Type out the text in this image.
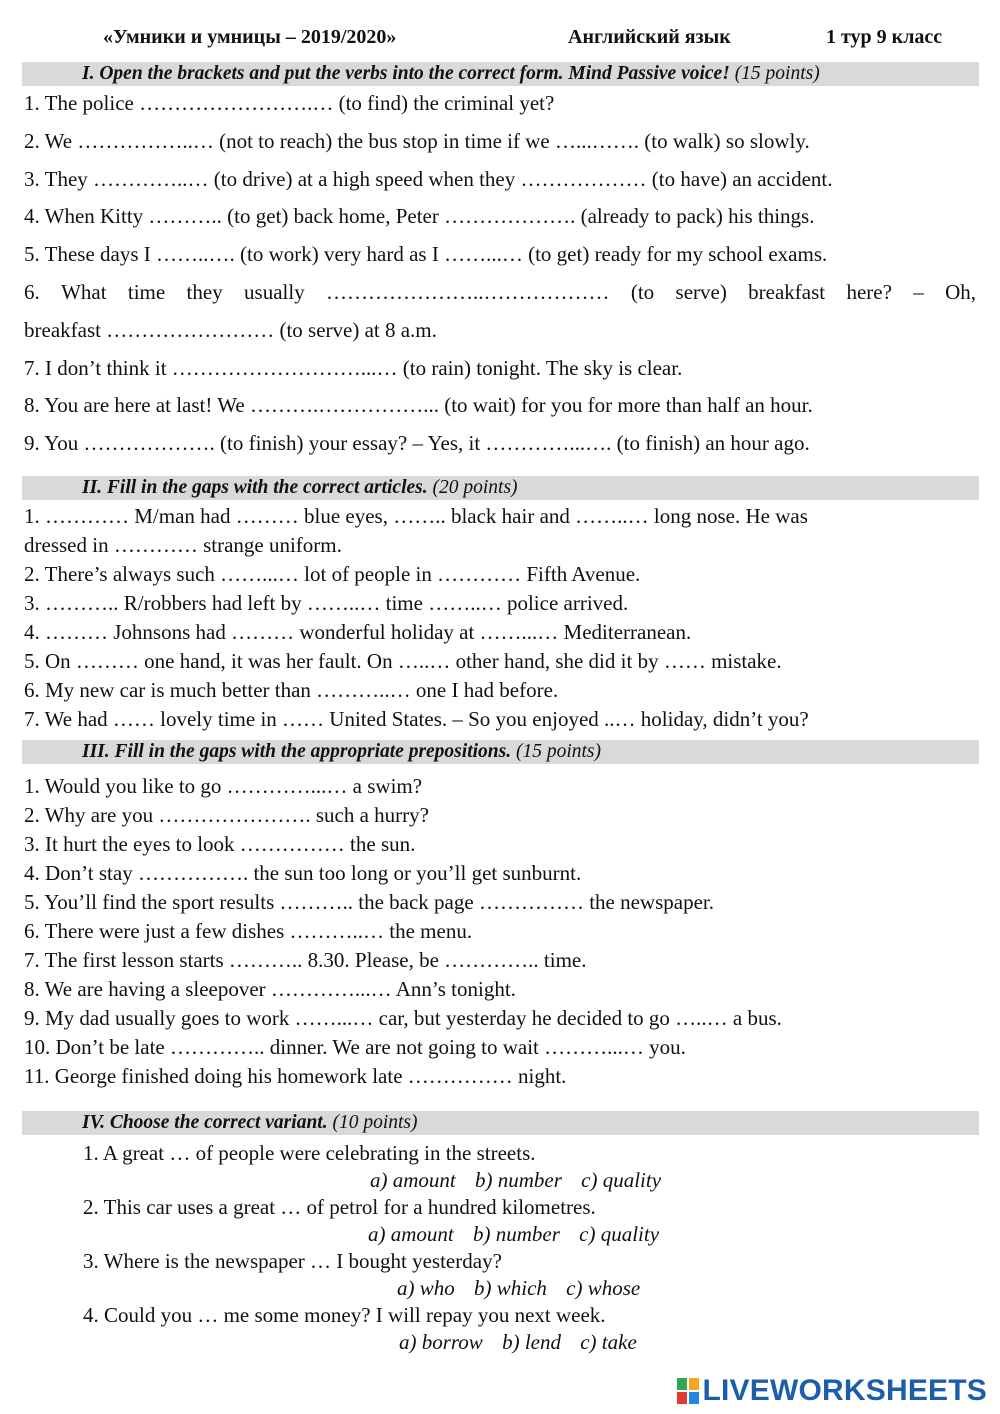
«Умники и умницы – 2019/2020»	Английский язык	1 тур 9 класс
I. Open the brackets and put the verbs into the correct form. Mind Passive voice! (15 points)
1. The police …………………….… (to find) the criminal yet?
2. We ……………..… (not to reach) the bus stop in time if we …...……. (to walk) so slowly.
3. They …………..… (to drive) at a high speed when they ……………… (to have) an accident.
4. When Kitty ……….. (to get) back home, Peter ………………. (already to pack) his things.
5. These days I ……..…. (to work) very hard as I ……...… (to get) ready for my school exams.
6. What time they usually …………………..……………… (to serve) breakfast here? – Oh,
breakfast …………………… (to serve) at 8 a.m.
7. I don’t think it ………………………...… (to rain) tonight. The sky is clear.
8. You are here at last! We ……….……………... (to wait) for you for more than half an hour.
9. You ………………. (to finish) your essay? – Yes, it …………...…. (to finish) an hour ago.
II. Fill in the gaps with the correct articles. (20 points)
1. ………… M/man had ……… blue eyes, …….. black hair and ……..… long nose. He was
dressed in ………… strange uniform.
2. There’s always such ……...… lot of people in ………… Fifth Avenue.
3. ……….. R/robbers had left by ……..… time ……..… police arrived.
4. ……… Johnsons had ……… wonderful holiday at ……...… Mediterranean.
5. On ……… one hand, it was her fault. On …..… other hand, she did it by …… mistake.
6. My new car is much better than ………..… one I had before.
7. We had …… lovely time in …… United States. – So you enjoyed ..… holiday, didn’t you?
III. Fill in the gaps with the appropriate prepositions. (15 points)
1. Would you like to go …………...… a swim?
2. Why are you …………………. such a hurry?
3. It hurt the eyes to look …………… the sun.
4. Don’t stay ……………. the sun too long or you’ll get sunburnt.
5. You’ll find the sport results ……….. the back page …………… the newspaper.
6. There were just a few dishes ………..… the menu.
7. The first lesson starts ……….. 8.30. Please, be ………….. time.
8. We are having a sleepover …………...… Ann’s tonight.
9. My dad usually goes to work ……...… car, but yesterday he decided to go …..… a bus.
10. Don’t be late ………….. dinner. We are not going to wait ………...… you.
11. George finished doing his homework late …………… night.
IV. Choose the correct variant. (10 points)
1. A great … of people were celebrating in the streets.
a) amount b) number c) quality
2. This car uses a great … of petrol for a hundred kilometres.
a) amount b) number c) quality
3. Where is the newspaper … I bought yesterday?
a) who b) which c) whose
4. Could you … me some money? I will repay you next week.
a) borrow b) lend c) take
LIVEWORKSHEETS
